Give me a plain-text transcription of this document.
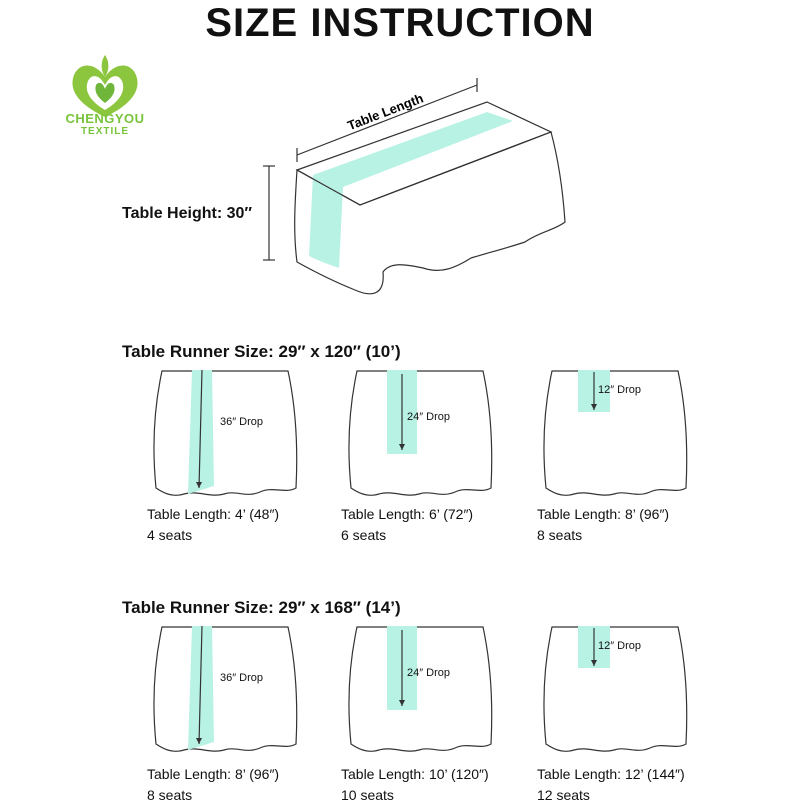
SIZE INSTRUCTION
CHENGYOU
TEXTILE	Table Length
Table Height: 30″
Table Runner Size: 29″ x 120″ (10’)
Table Runner Size: 29″ x 168″ (14’)
36″ Drop
Table Length: 4’ (48″)
4 seats
24″ Drop
Table Length: 6’ (72″)
6 seats
12″ Drop
Table Length: 8’ (96″)
8 seats
36″ Drop
Table Length: 8’ (96″)
8 seats
24″ Drop
Table Length: 10’ (120″)
10 seats
12″ Drop
Table Length: 12’ (144″)
12 seats
